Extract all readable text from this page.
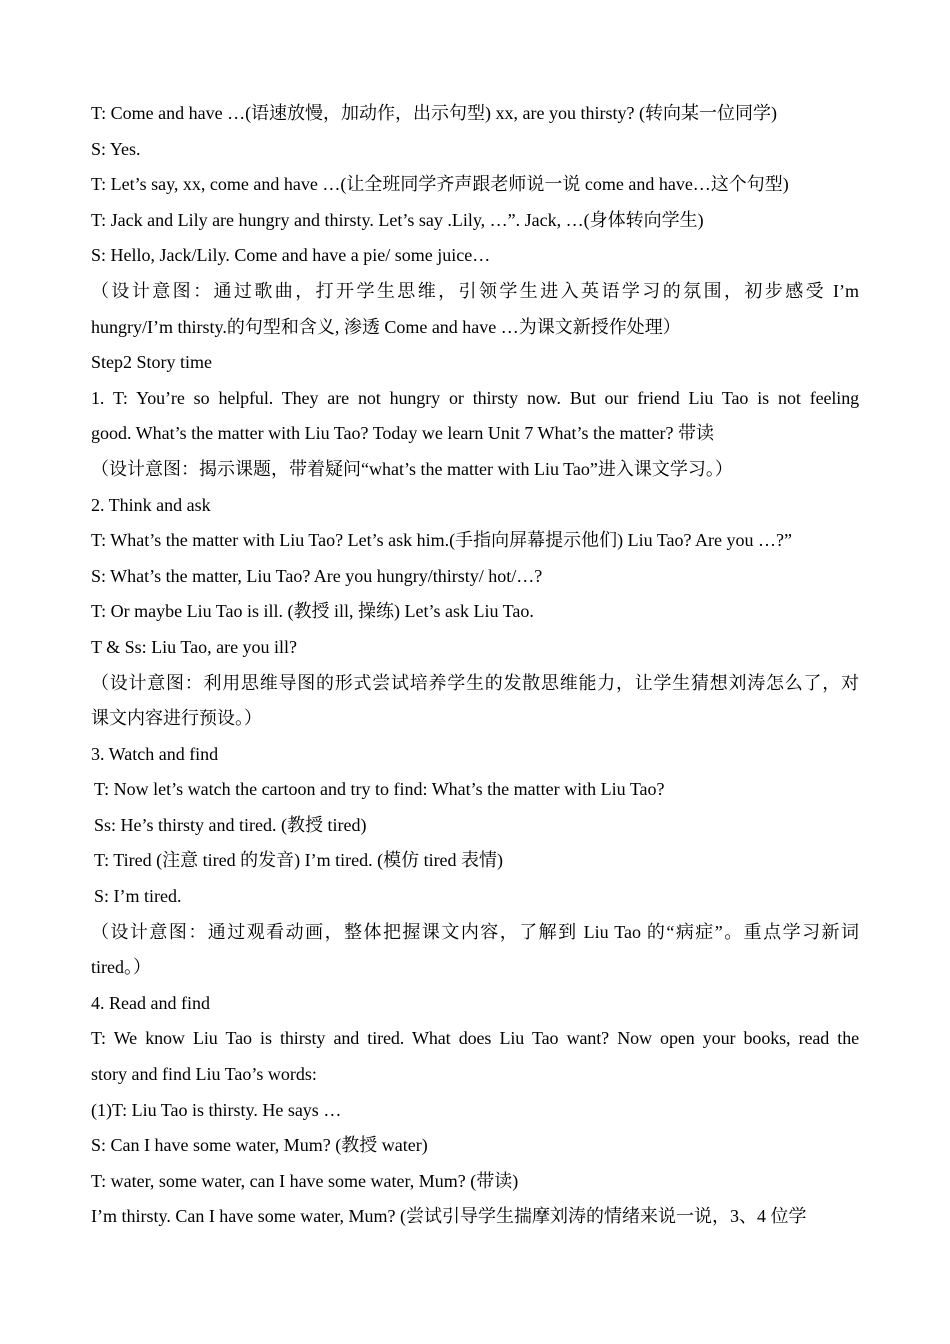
T: Come and have …(语速放慢，加动作，出示句型) xx, are you thirsty? (转向某一位同学)
S: Yes.
T: Let’s say, xx, come and have …(让全班同学齐声跟老师说一说 come and have…这个句型)
T: Jack and Lily are hungry and thirsty. Let’s say .Lily, …”. Jack, …(身体转向学生)
S: Hello, Jack/Lily. Come and have a pie/ some juice…
（设计意图：通过歌曲，打开学生思维，引领学生进入英语学习的氛围，初步感受 I’m
hungry/I’m thirsty.的句型和含义, 渗透 Come and have …为课文新授作处理）
Step2 Story time
1. T: You’re so helpful. They are not hungry or thirsty now. But our friend Liu Tao is not feeling
good. What’s the matter with Liu Tao? Today we learn Unit 7 What’s the matter? 带读
（设计意图：揭示课题，带着疑问“what’s the matter with Liu Tao”进入课文学习。）
2. Think and ask
T: What’s the matter with Liu Tao? Let’s ask him.(手指向屏幕提示他们) Liu Tao? Are you …?”
S: What’s the matter, Liu Tao? Are you hungry/thirsty/ hot/…?
T: Or maybe Liu Tao is ill. (教授 ill, 操练) Let’s ask Liu Tao.
T & Ss: Liu Tao, are you ill?
（设计意图：利用思维导图的形式尝试培养学生的发散思维能力，让学生猜想刘涛怎么了，对
课文内容进行预设。）
3. Watch and find
T: Now let’s watch the cartoon and try to find: What’s the matter with Liu Tao?
Ss: He’s thirsty and tired. (教授 tired)
T: Tired (注意 tired 的发音) I’m tired. (模仿 tired 表情)
S: I’m tired.
（设计意图：通过观看动画，整体把握课文内容，了解到 Liu Tao 的“病症”。重点学习新词
tired。）
4. Read and find
T: We know Liu Tao is thirsty and tired. What does Liu Tao want? Now open your books, read the
story and find Liu Tao’s words:
(1)T: Liu Tao is thirsty. He says …
S: Can I have some water, Mum? (教授 water)
T: water, some water, can I have some water, Mum? (带读)
I’m thirsty. Can I have some water, Mum? (尝试引导学生揣摩刘涛的情绪来说一说，3、4 位学
